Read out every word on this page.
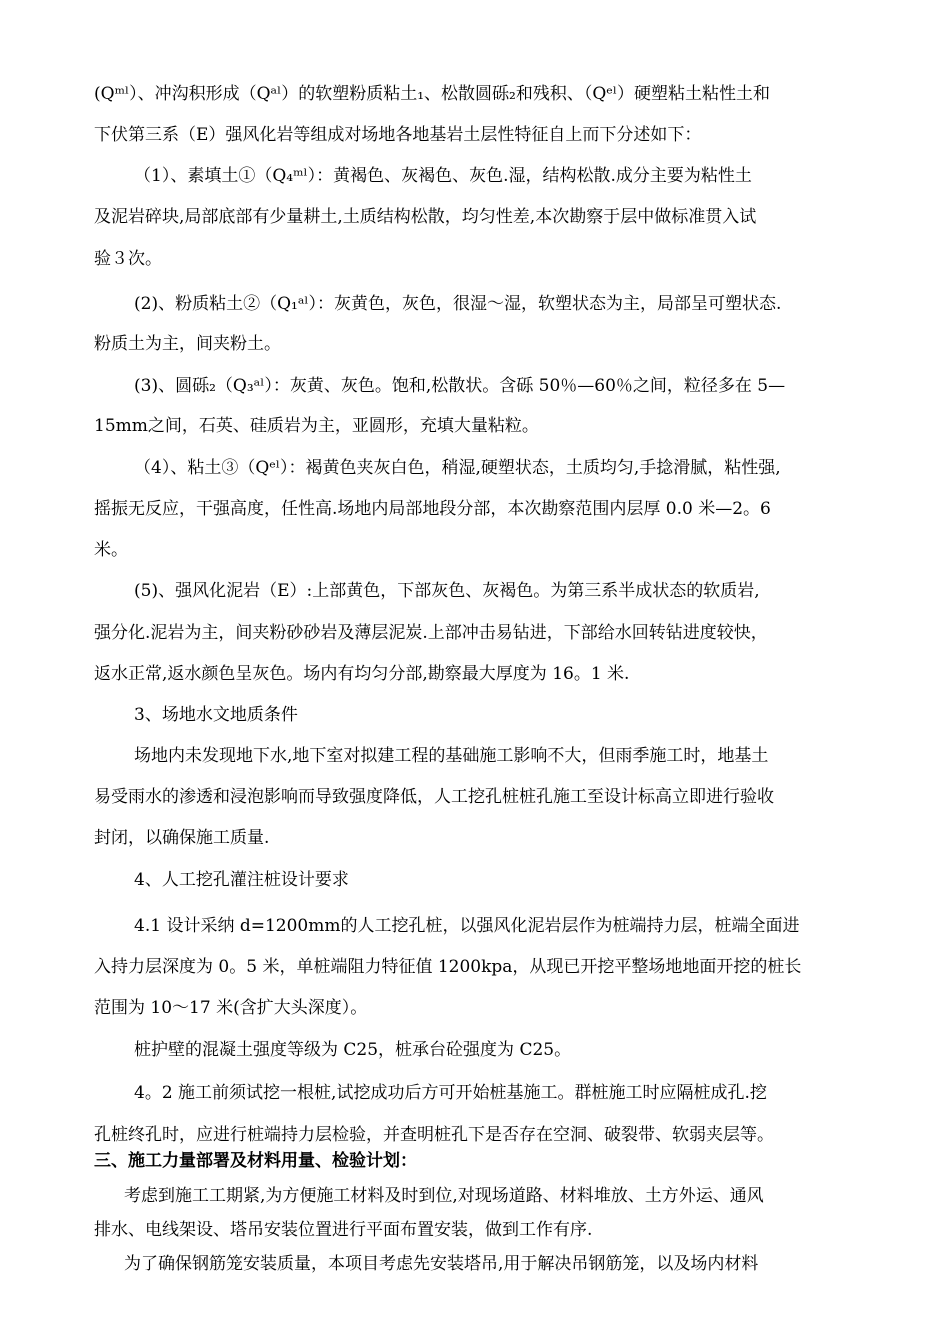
(Qᵐˡ）、冲沟积形成（Qᵃˡ）的软塑粉质粘土₁、松散圆砾₂和残积、（Qᵉˡ）硬塑粘土粘性土和
下伏第三系（E）强风化岩等组成对场地各地基岩土层性特征自上而下分述如下：
（1）、素填土①（Q₄ᵐˡ）：黄褐色、灰褐色、灰色.湿，结构松散.成分主要为粘性土
及泥岩碎块,局部底部有少量耕土,土质结构松散，均匀性差,本次勘察于层中做标准贯入试
验３次。
(2)、粉质粘土②（Q₁ᵃˡ）：灰黄色，灰色，很湿～湿，软塑状态为主，局部呈可塑状态.
粉质土为主，间夹粉土。
(3)、圆砾₂（Q₃ᵃˡ）：灰黄、灰色。饱和,松散状。含砾 50％—60％之间，粒径多在 5—
15mm之间，石英、硅质岩为主，亚圆形，充填大量粘粒。
（4）、粘土③（Qᵉˡ）：褐黄色夹灰白色，稍湿,硬塑状态，土质均匀,手捻滑腻，粘性强,
摇振无反应，干强高度，任性高.场地内局部地段分部，本次勘察范围内层厚 0.0 米—2。6
米。
(5)、强风化泥岩（E）:上部黄色，下部灰色、灰褐色。为第三系半成状态的软质岩,
强分化.泥岩为主，间夹粉砂砂岩及薄层泥炭.上部冲击易钻进，下部给水回转钻进度较快，
返水正常,返水颜色呈灰色。场内有均匀分部,勘察最大厚度为 16。1 米.
3、场地水文地质条件
场地内未发现地下水,地下室对拟建工程的基础施工影响不大，但雨季施工时，地基土
易受雨水的渗透和浸泡影响而导致强度降低，人工挖孔桩桩孔施工至设计标高立即进行验收
封闭，以确保施工质量.
4、人工挖孔灌注桩设计要求
4.1 设计采纳 d=1200mm的人工挖孔桩，以强风化泥岩层作为桩端持力层，桩端全面进
入持力层深度为 0。5 米，单桩端阻力特征值 1200kpa，从现已开挖平整场地地面开挖的桩长
范围为 10～17 米(含扩大头深度）。
桩护壁的混凝土强度等级为 C25，桩承台砼强度为 C25。
4。2 施工前须试挖一根桩,试挖成功后方可开始桩基施工。群桩施工时应隔桩成孔.挖
孔桩终孔时，应进行桩端持力层检验，并查明桩孔下是否存在空洞、破裂带、软弱夹层等。
三、施工力量部署及材料用量、检验计划：
考虑到施工工期紧,为方便施工材料及时到位,对现场道路、材料堆放、土方外运、通风
排水、电线架设、塔吊安装位置进行平面布置安装，做到工作有序.
为了确保钢筋笼安装质量，本项目考虑先安装塔吊,用于解决吊钢筋笼，以及场内材料
